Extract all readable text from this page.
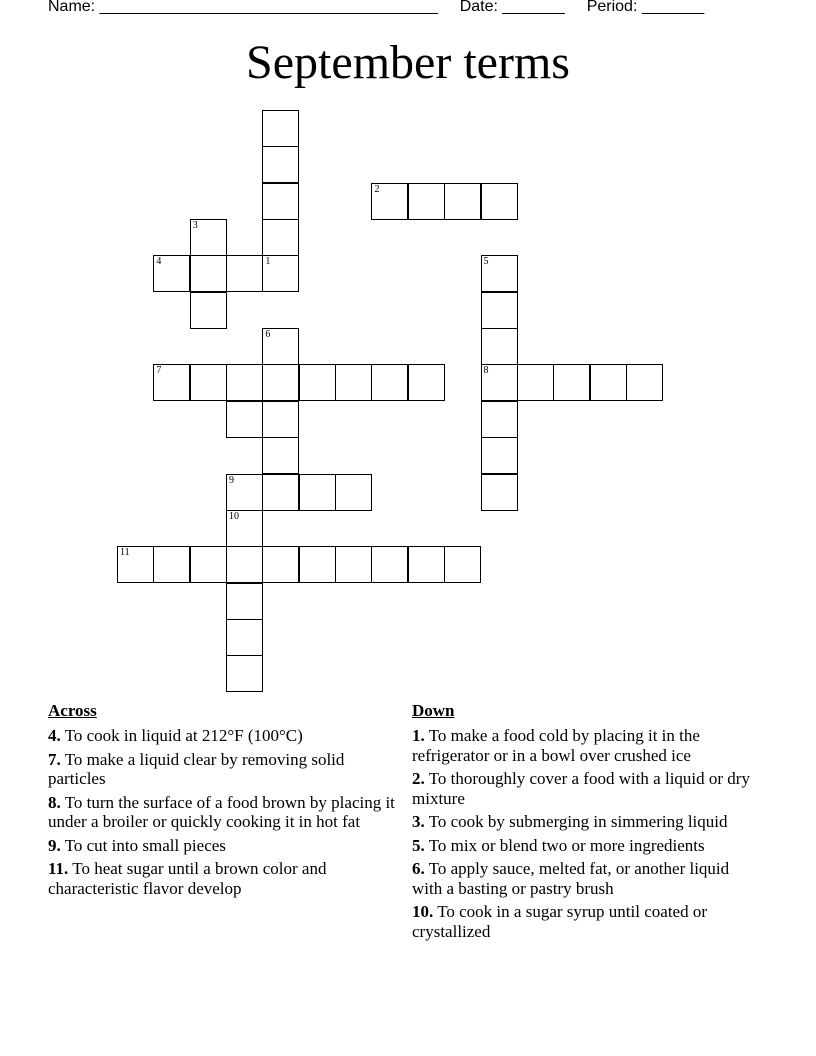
Name: ______________________________________ Date: _______ Period: _______
September terms
1
2
3
4	5
6
7	8
9
10
11
Across
4. To cook in liquid at 212°F (100°C)
7. To make a liquid clear by removing solid particles
8. To turn the surface of a food brown by placing it under a broiler or quickly cooking it in hot fat
9. To cut into small pieces
11. To heat sugar until a brown color and characteristic flavor develop
Down
1. To make a food cold by placing it in the refrigerator or in a bowl over crushed ice
2. To thoroughly cover a food with a liquid or dry mixture
3. To cook by submerging in simmering liquid
5. To mix or blend two or more ingredients
6. To apply sauce, melted fat, or another liquid with a basting or pastry brush
10. To cook in a sugar syrup until coated or crystallized
